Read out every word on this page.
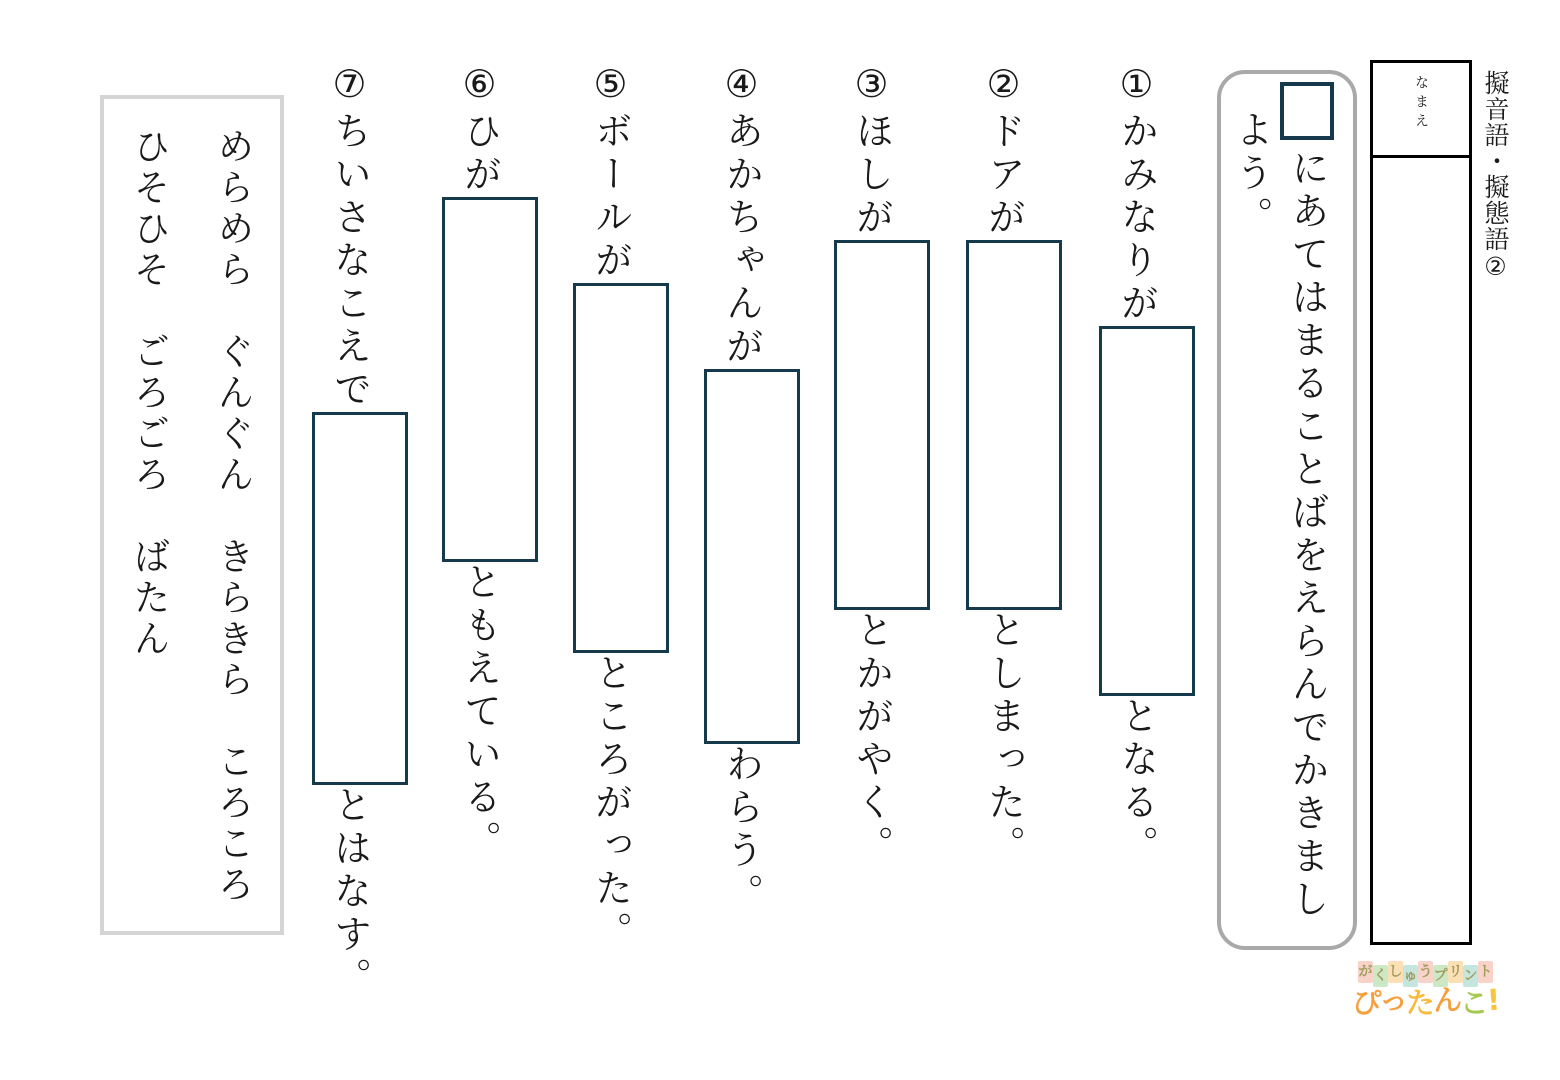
擬音語・擬態語②
なまえ
にあてはまることばをえらんでかきまし
よう。
①かみなりがとなる。
②ドアがとしまった。
③ほしがとかがやく。
④あかちゃんがわらう。
⑤ボールがところがった。
⑥ひがともえている。
⑦ちいさなこえでとはなす。
めらめら　ぐんぐん　きらきら　ころころ
ひそひそ　ごろごろ　ばたん
が く し ゅ う プ リ ン ト
ぴったんこ!
